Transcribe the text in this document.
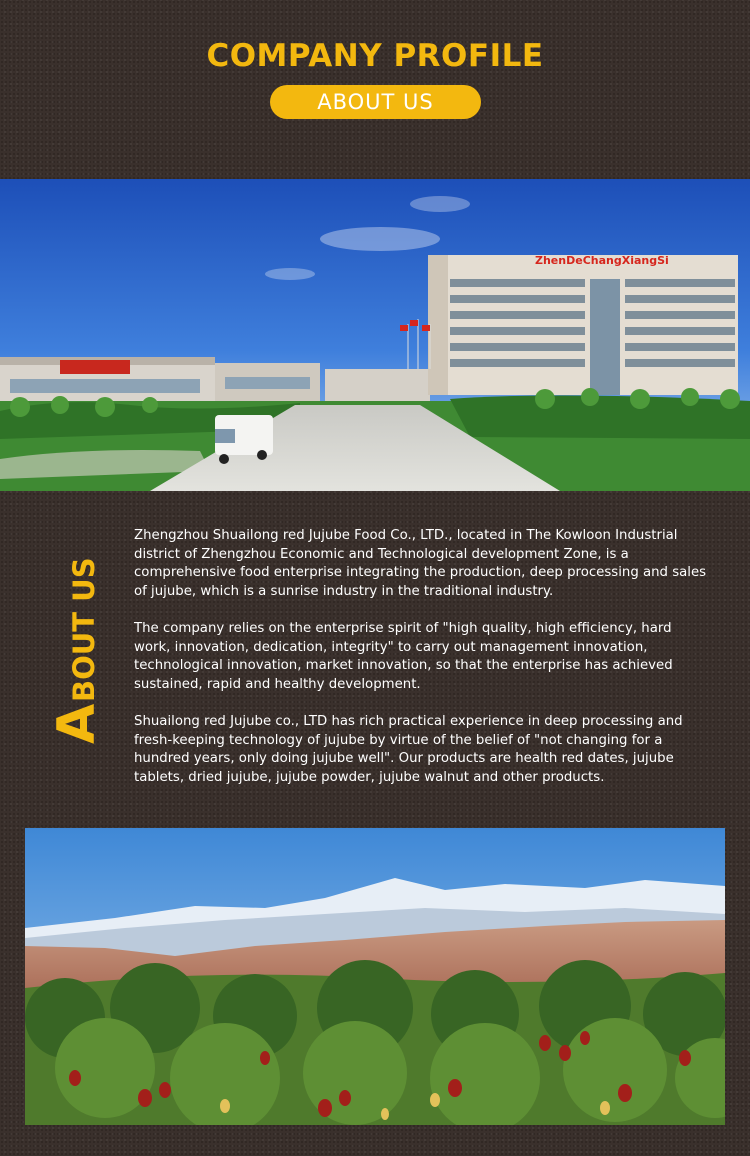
COMPANY PROFILE
ABOUT US
ZhenDeChangXiangSi
A
BOUT US

Zhengzhou Shuailong red Jujube Food Co., LTD., located in The Kowloon Industrial district of Zhengzhou Economic and Technological development Zone, is a comprehensive food enterprise integrating the production, deep processing and sales of jujube, which is a sunrise industry in the traditional industry.

The company relies on the enterprise spirit of "high quality, high efficiency, hard work, innovation, dedication, integrity" to carry out management innovation, technological innovation, market innovation, so that the enterprise has achieved sustained, rapid and healthy development.

Shuailong red Jujube co., LTD has rich practical experience in deep processing and fresh-keeping technology of jujube by virtue of the belief of "not changing for a hundred years, only doing jujube well". Our products are health red dates, jujube tablets, dried jujube, jujube powder, jujube walnut and other products.
